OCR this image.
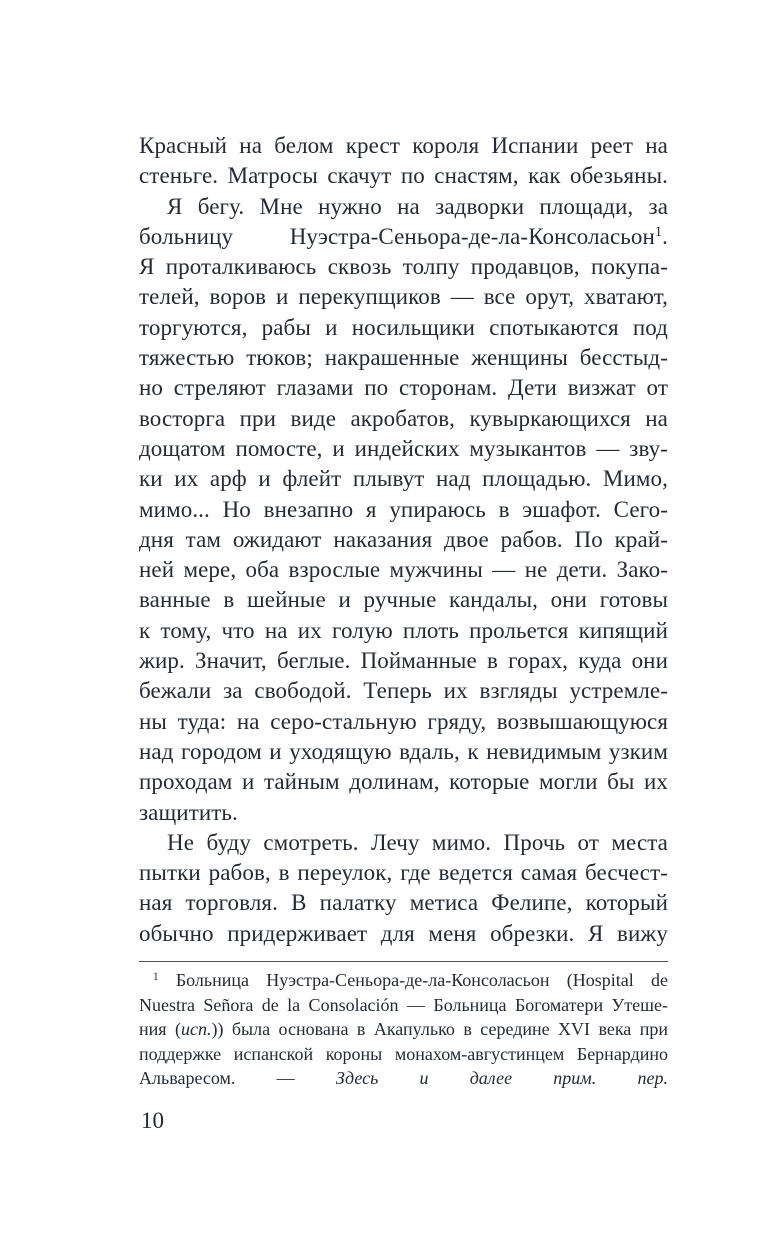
Красный на белом крест короля Испании реет на
стеньге. Матросы скачут по снастям, как обезьяны.
Я бегу. Мне нужно на задворки площади, за
больницу Нуэстра-Сеньора-де-ла-Консоласьон$^1$.
Я проталкиваюсь сквозь толпу продавцов, покупа-
телей, воров и перекупщиков — все орут, хватают,
торгуются, рабы и носильщики спотыкаются под
тяжестью тюков; накрашенные женщины бесстыд-
но стреляют глазами по сторонам. Дети визжат от
восторга при виде акробатов, кувыркающихся на
дощатом помосте, и индейских музыкантов — зву-
ки их арф и флейт плывут над площадью. Мимо,
мимо... Но внезапно я упираюсь в эшафот. Сего-
дня там ожидают наказания двое рабов. По край-
ней мере, оба взрослые мужчины — не дети. Зако-
ванные в шейные и ручные кандалы, они готовы
к тому, что на их голую плоть прольется кипящий
жир. Значит, беглые. Пойманные в горах, куда они
бежали за свободой. Теперь их взгляды устремле-
ны туда: на серо-стальную гряду, возвышающуюся
над городом и уходящую вдаль, к невидимым узким
проходам и тайным долинам, которые могли бы их
защитить.
Не буду смотреть. Лечу мимо. Прочь от места
пытки рабов, в переулок, где ведется самая бесчест-
ная торговля. В палатку метиса Фелипе, который
обычно придерживает для меня обрезки. Я вижу
$^1$ Больница Нуэстра-Сеньора-де-ла-Консоласьон (Hospital de
Nuestra Señora de la Consolación — Больница Богоматери Утеше-
ния (исп.)) была основана в Акапулько в середине XVI века при
поддержке испанской короны монахом-августинцем Бернардино
Альваресом. — Здесь и далее прим. пер.
10
